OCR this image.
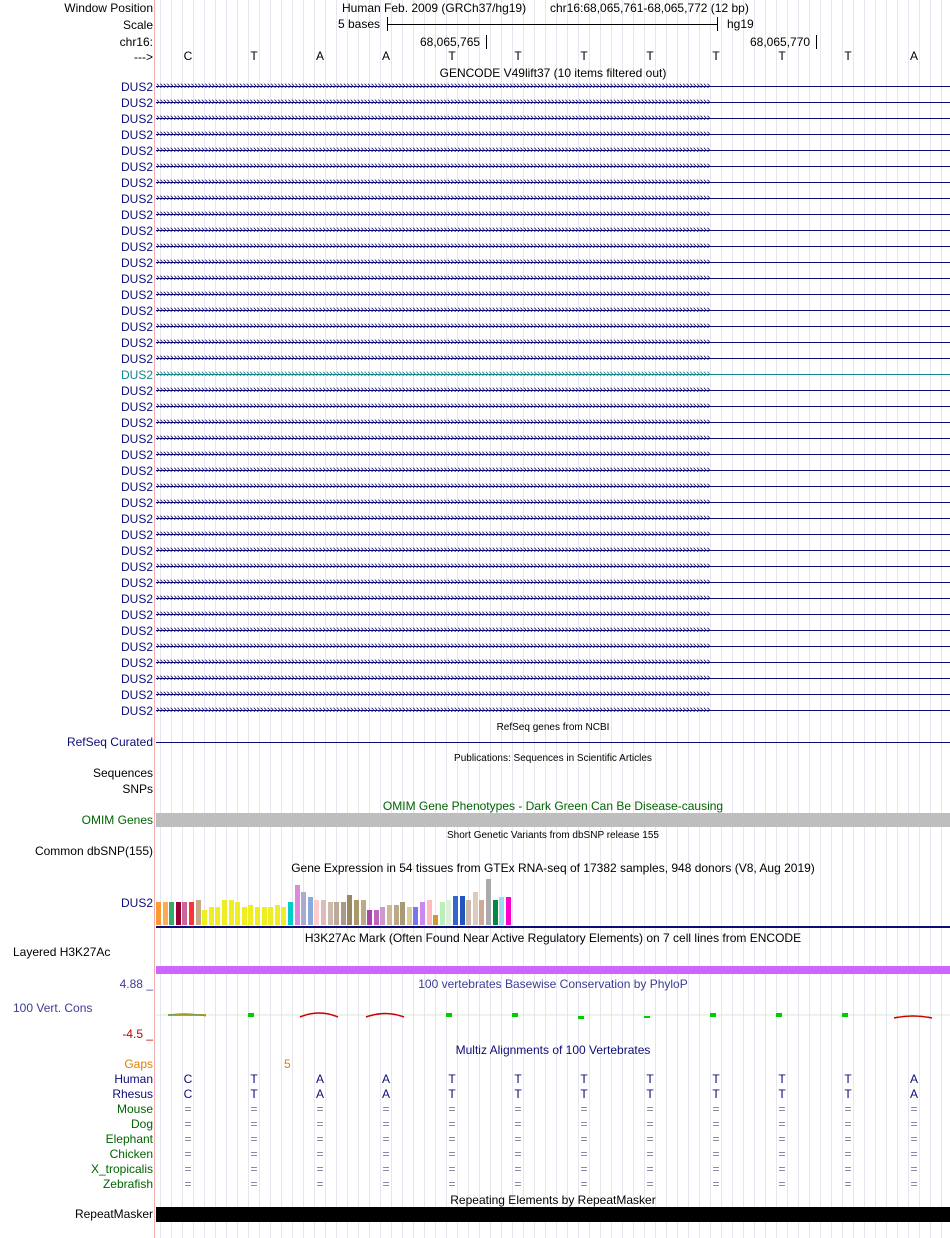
Window Position	Human Feb. 2009 (GRCh37/hg19) chr16:68,065,761-68,065,772 (12 bp)
Scale	5 bases	hg19
chr16:	68,065,765	68,065,770
--->	C	T	A	A	T	T	T	T	T	T	T	A
GENCODE V49lift37 (10 items filtered out)
DUS2 ››››››››››››››››››››››››››››››››››››››››››››››››››››››››››››››››››››››››››››››››››››››››››››››››››››››››››››››››››››››››››››››››››››››››››››››››››››››››››››››››
DUS2 ››››››››››››››››››››››››››››››››››››››››››››››››››››››››››››››››››››››››››››››››››››››››››››››››››››››››››››››››››››››››››››››››››››››››››››››››››››››››››››››››
DUS2 ››››››››››››››››››››››››››››››››››››››››››››››››››››››››››››››››››››››››››››››››››››››››››››››››››››››››››››››››››››››››››››››››››››››››››››››››››››››››››››››››
DUS2 ››››››››››››››››››››››››››››››››››››››››››››››››››››››››››››››››››››››››››››››››››››››››››››››››››››››››››››››››››››››››››››››››››››››››››››››››››››››››››››››››
DUS2 ››››››››››››››››››››››››››››››››››››››››››››››››››››››››››››››››››››››››››››››››››››››››››››››››››››››››››››››››››››››››››››››››››››››››››››››››››››››››››››››››
DUS2 ››››››››››››››››››››››››››››››››››››››››››››››››››››››››››››››››››››››››››››››››››››››››››››››››››››››››››››››››››››››››››››››››››››››››››››››››››››››››››››››››
DUS2 ››››››››››››››››››››››››››››››››››››››››››››››››››››››››››››››››››››››››››››››››››››››››››››››››››››››››››››››››››››››››››››››››››››››››››››››››››››››››››››››››
DUS2 ››››››››››››››››››››››››››››››››››››››››››››››››››››››››››››››››››››››››››››››››››››››››››››››››››››››››››››››››››››››››››››››››››››››››››››››››››››››››››››››››
DUS2 ››››››››››››››››››››››››››››››››››››››››››››››››››››››››››››››››››››››››››››››››››››››››››››››››››››››››››››››››››››››››››››››››››››››››››››››››››››››››››››››››
DUS2 ››››››››››››››››››››››››››››››››››››››››››››››››››››››››››››››››››››››››››››››››››››››››››››››››››››››››››››››››››››››››››››››››››››››››››››››››››››››››››››››››
DUS2 ››››››››››››››››››››››››››››››››››››››››››››››››››››››››››››››››››››››››››››››››››››››››››››››››››››››››››››››››››››››››››››››››››››››››››››››››››››››››››››››››
DUS2 ››››››››››››››››››››››››››››››››››››››››››››››››››››››››››››››››››››››››››››››››››››››››››››››››››››››››››››››››››››››››››››››››››››››››››››››››››››››››››››››››
DUS2 ››››››››››››››››››››››››››››››››››››››››››››››››››››››››››››››››››››››››››››››››››››››››››››››››››››››››››››››››››››››››››››››››››››››››››››››››››››››››››››››››
DUS2 ››››››››››››››››››››››››››››››››››››››››››››››››››››››››››››››››››››››››››››››››››››››››››››››››››››››››››››››››››››››››››››››››››››››››››››››››››››››››››››››››
DUS2 ››››››››››››››››››››››››››››››››››››››››››››››››››››››››››››››››››››››››››››››››››››››››››››››››››››››››››››››››››››››››››››››››››››››››››››››››››››››››››››››››
DUS2 ››››››››››››››››››››››››››››››››››››››››››››››››››››››››››››››››››››››››››››››››››››››››››››››››››››››››››››››››››››››››››››››››››››››››››››››››››››››››››››››››
DUS2 ››››››››››››››››››››››››››››››››››››››››››››››››››››››››››››››››››››››››››››››››››››››››››››››››››››››››››››››››››››››››››››››››››››››››››››››››››››››››››››››››
DUS2 ››››››››››››››››››››››››››››››››››››››››››››››››››››››››››››››››››››››››››››››››››››››››››››››››››››››››››››››››››››››››››››››››››››››››››››››››››››››››››››››››
DUS2 ››››››››››››››››››››››››››››››››››››››››››››››››››››››››››››››››››››››››››››››››››››››››››››››››››››››››››››››››››››››››››››››››››››››››››››››››››››››››››››››››
DUS2 ››››››››››››››››››››››››››››››››››››››››››››››››››››››››››››››››››››››››››››››››››››››››››››››››››››››››››››››››››››››››››››››››››››››››››››››››››››››››››››››››
DUS2 ››››››››››››››››››››››››››››››››››››››››››››››››››››››››››››››››››››››››››››››››››››››››››››››››››››››››››››››››››››››››››››››››››››››››››››››››››››››››››››››››
DUS2 ››››››››››››››››››››››››››››››››››››››››››››››››››››››››››››››››››››››››››››››››››››››››››››››››››››››››››››››››››››››››››››››››››››››››››››››››››››››››››››››››
DUS2 ››››››››››››››››››››››››››››››››››››››››››››››››››››››››››››››››››››››››››››››››››››››››››››››››››››››››››››››››››››››››››››››››››››››››››››››››››››››››››››››››
DUS2 ››››››››››››››››››››››››››››››››››››››››››››››››››››››››››››››››››››››››››››››››››››››››››››››››››››››››››››››››››››››››››››››››››››››››››››››››››››››››››››››››
DUS2 ››››››››››››››››››››››››››››››››››››››››››››››››››››››››››››››››››››››››››››››››››››››››››››››››››››››››››››››››››››››››››››››››››››››››››››››››››››››››››››››››
DUS2 ››››››››››››››››››››››››››››››››››››››››››››››››››››››››››››››››››››››››››››››››››››››››››››››››››››››››››››››››››››››››››››››››››››››››››››››››››››››››››››››››
DUS2 ››››››››››››››››››››››››››››››››››››››››››››››››››››››››››››››››››››››››››››››››››››››››››››››››››››››››››››››››››››››››››››››››››››››››››››››››››››››››››››››››
DUS2 ››››››››››››››››››››››››››››››››››››››››››››››››››››››››››››››››››››››››››››››››››››››››››››››››››››››››››››››››››››››››››››››››››››››››››››››››››››››››››››››››
DUS2 ››››››››››››››››››››››››››››››››››››››››››››››››››››››››››››››››››››››››››››››››››››››››››››››››››››››››››››››››››››››››››››››››››››››››››››››››››››››››››››››››
DUS2 ››››››››››››››››››››››››››››››››››››››››››››››››››››››››››››››››››››››››››››››››››››››››››››››››››››››››››››››››››››››››››››››››››››››››››››››››››››››››››››››››
DUS2 ››››››››››››››››››››››››››››››››››››››››››››››››››››››››››››››››››››››››››››››››››››››››››››››››››››››››››››››››››››››››››››››››››››››››››››››››››››››››››››››››
DUS2 ››››››››››››››››››››››››››››››››››››››››››››››››››››››››››››››››››››››››››››››››››››››››››››››››››››››››››››››››››››››››››››››››››››››››››››››››››››››››››››››››
DUS2 ››››››››››››››››››››››››››››››››››››››››››››››››››››››››››››››››››››››››››››››››››››››››››››››››››››››››››››››››››››››››››››››››››››››››››››››››››››››››››››››››
DUS2 ››››››››››››››››››››››››››››››››››››››››››››››››››››››››››››››››››››››››››››››››››››››››››››››››››››››››››››››››››››››››››››››››››››››››››››››››››››››››››››››››
DUS2 ››››››››››››››››››››››››››››››››››››››››››››››››››››››››››››››››››››››››››››››››››››››››››››››››››››››››››››››››››››››››››››››››››››››››››››››››››››››››››››››››
DUS2 ››››››››››››››››››››››››››››››››››››››››››››››››››››››››››››››››››››››››››››››››››››››››››››››››››››››››››››››››››››››››››››››››››››››››››››››››››››››››››››››››
DUS2 ››››››››››››››››››››››››››››››››››››››››››››››››››››››››››››››››››››››››››››››››››››››››››››››››››››››››››››››››››››››››››››››››››››››››››››››››››››››››››››››››
DUS2 ››››››››››››››››››››››››››››››››››››››››››››››››››››››››››››››››››››››››››››››››››››››››››››››››››››››››››››››››››››››››››››››››››››››››››››››››››››››››››››››››
DUS2 ››››››››››››››››››››››››››››››››››››››››››››››››››››››››››››››››››››››››››››››››››››››››››››››››››››››››››››››››››››››››››››››››››››››››››››››››››››››››››››››››
DUS2 ››››››››››››››››››››››››››››››››››››››››››››››››››››››››››››››››››››››››››››››››››››››››››››››››››››››››››››››››››››››››››››››››››››››››››››››››››››››››››››››››
RefSeq genes from NCBI
RefSeq Curated
Publications: Sequences in Scientific Articles
Sequences
SNPs
OMIM Gene Phenotypes - Dark Green Can Be Disease-causing
OMIM Genes
Short Genetic Variants from dbSNP release 155
Common dbSNP(155)
Gene Expression in 54 tissues from GTEx RNA-seq of 17382 samples, 948 donors (V8, Aug 2019)
DUS2
H3K27Ac Mark (Often Found Near Active Regulatory Elements) on 7 cell lines from ENCODE
Layered H3K27Ac
100 vertebrates Basewise Conservation by PhyloP
4.88 _
100 Vert. Cons
-4.5 _
Multiz Alignments of 100 Vertebrates
Gaps	5
Human	C	T	A	A	T	T	T	T	T	T	T	A
Rhesus	C	T	A	A	T	T	T	T	T	T	T	A
Mouse	=	=	=	=	=	=	=	=	=	=	=	=
Dog	=	=	=	=	=	=	=	=	=	=	=	=
Elephant	=	=	=	=	=	=	=	=	=	=	=	=
Chicken	=	=	=	=	=	=	=	=	=	=	=	=
X_tropicalis	=	=	=	=	=	=	=	=	=	=	=	=
Zebrafish	=	=	=	=	=	=	=	=	=	=	=	=
Repeating Elements by RepeatMasker
RepeatMasker
